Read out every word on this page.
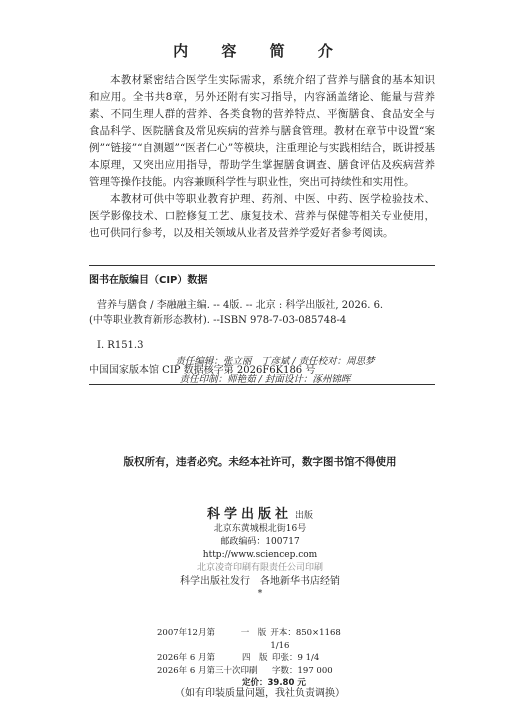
内 容 简 介

本教材紧密结合医学生实际需求，系统介绍了营养与膳食的基本知识和应用。全书共8章，另外还附有实习指导，内容涵盖绪论、能量与营养素、不同生理人群的营养、各类食物的营养特点、平衡膳食、食品安全与食品科学、医院膳食及常见疾病的营养与膳食管理。教材在章节中设置“案例”“链接”“自测题”“医者仁心”等模块，注重理论与实践相结合，既讲授基本原理，又突出应用指导，帮助学生掌握膳食调查、膳食评估及疾病营养管理等操作技能。内容兼顾科学性与职业性，突出可持续性和实用性。

本教材可供中等职业教育护理、药剂、中医、中药、医学检验技术、医学影像技术、口腔修复工艺、康复技术、营养与保健等相关专业使用，也可供同行参考，以及相关领域从业者及营养学爱好者参考阅读。

图书在版编目（CIP）数据
营养与膳食 / 李融融主编. -- 4版. -- 北京 : 科学出版社, 2026. 6.
(中等职业教育新形态教材). --ISBN 978-7-03-085748-4
Ⅰ. R151.3
中国国家版本馆 CIP 数据核字第 2026F6K186 号
责任编辑：张立丽　丁彦斌 / 责任校对：周思梦
责任印制：师艳茹 / 封面设计：涿州锦晖
版权所有，违者必究。未经本社许可，数字图书馆不得使用
科学出版社 出版
北京东黄城根北街16号
邮政编码：100717
http://www.sciencep.com
北京凌奇印刷有限责任公司印刷
科学出版社发行　各地新华书店经销
*
2007年12月第	一　版 开本：850×1168　1/16
2026年 6 月第	四　版 印张：9 1/4
2026年 6 月第三十次印刷	字数：197 000
定价：39.80 元
（如有印装质量问题，我社负责调换）
